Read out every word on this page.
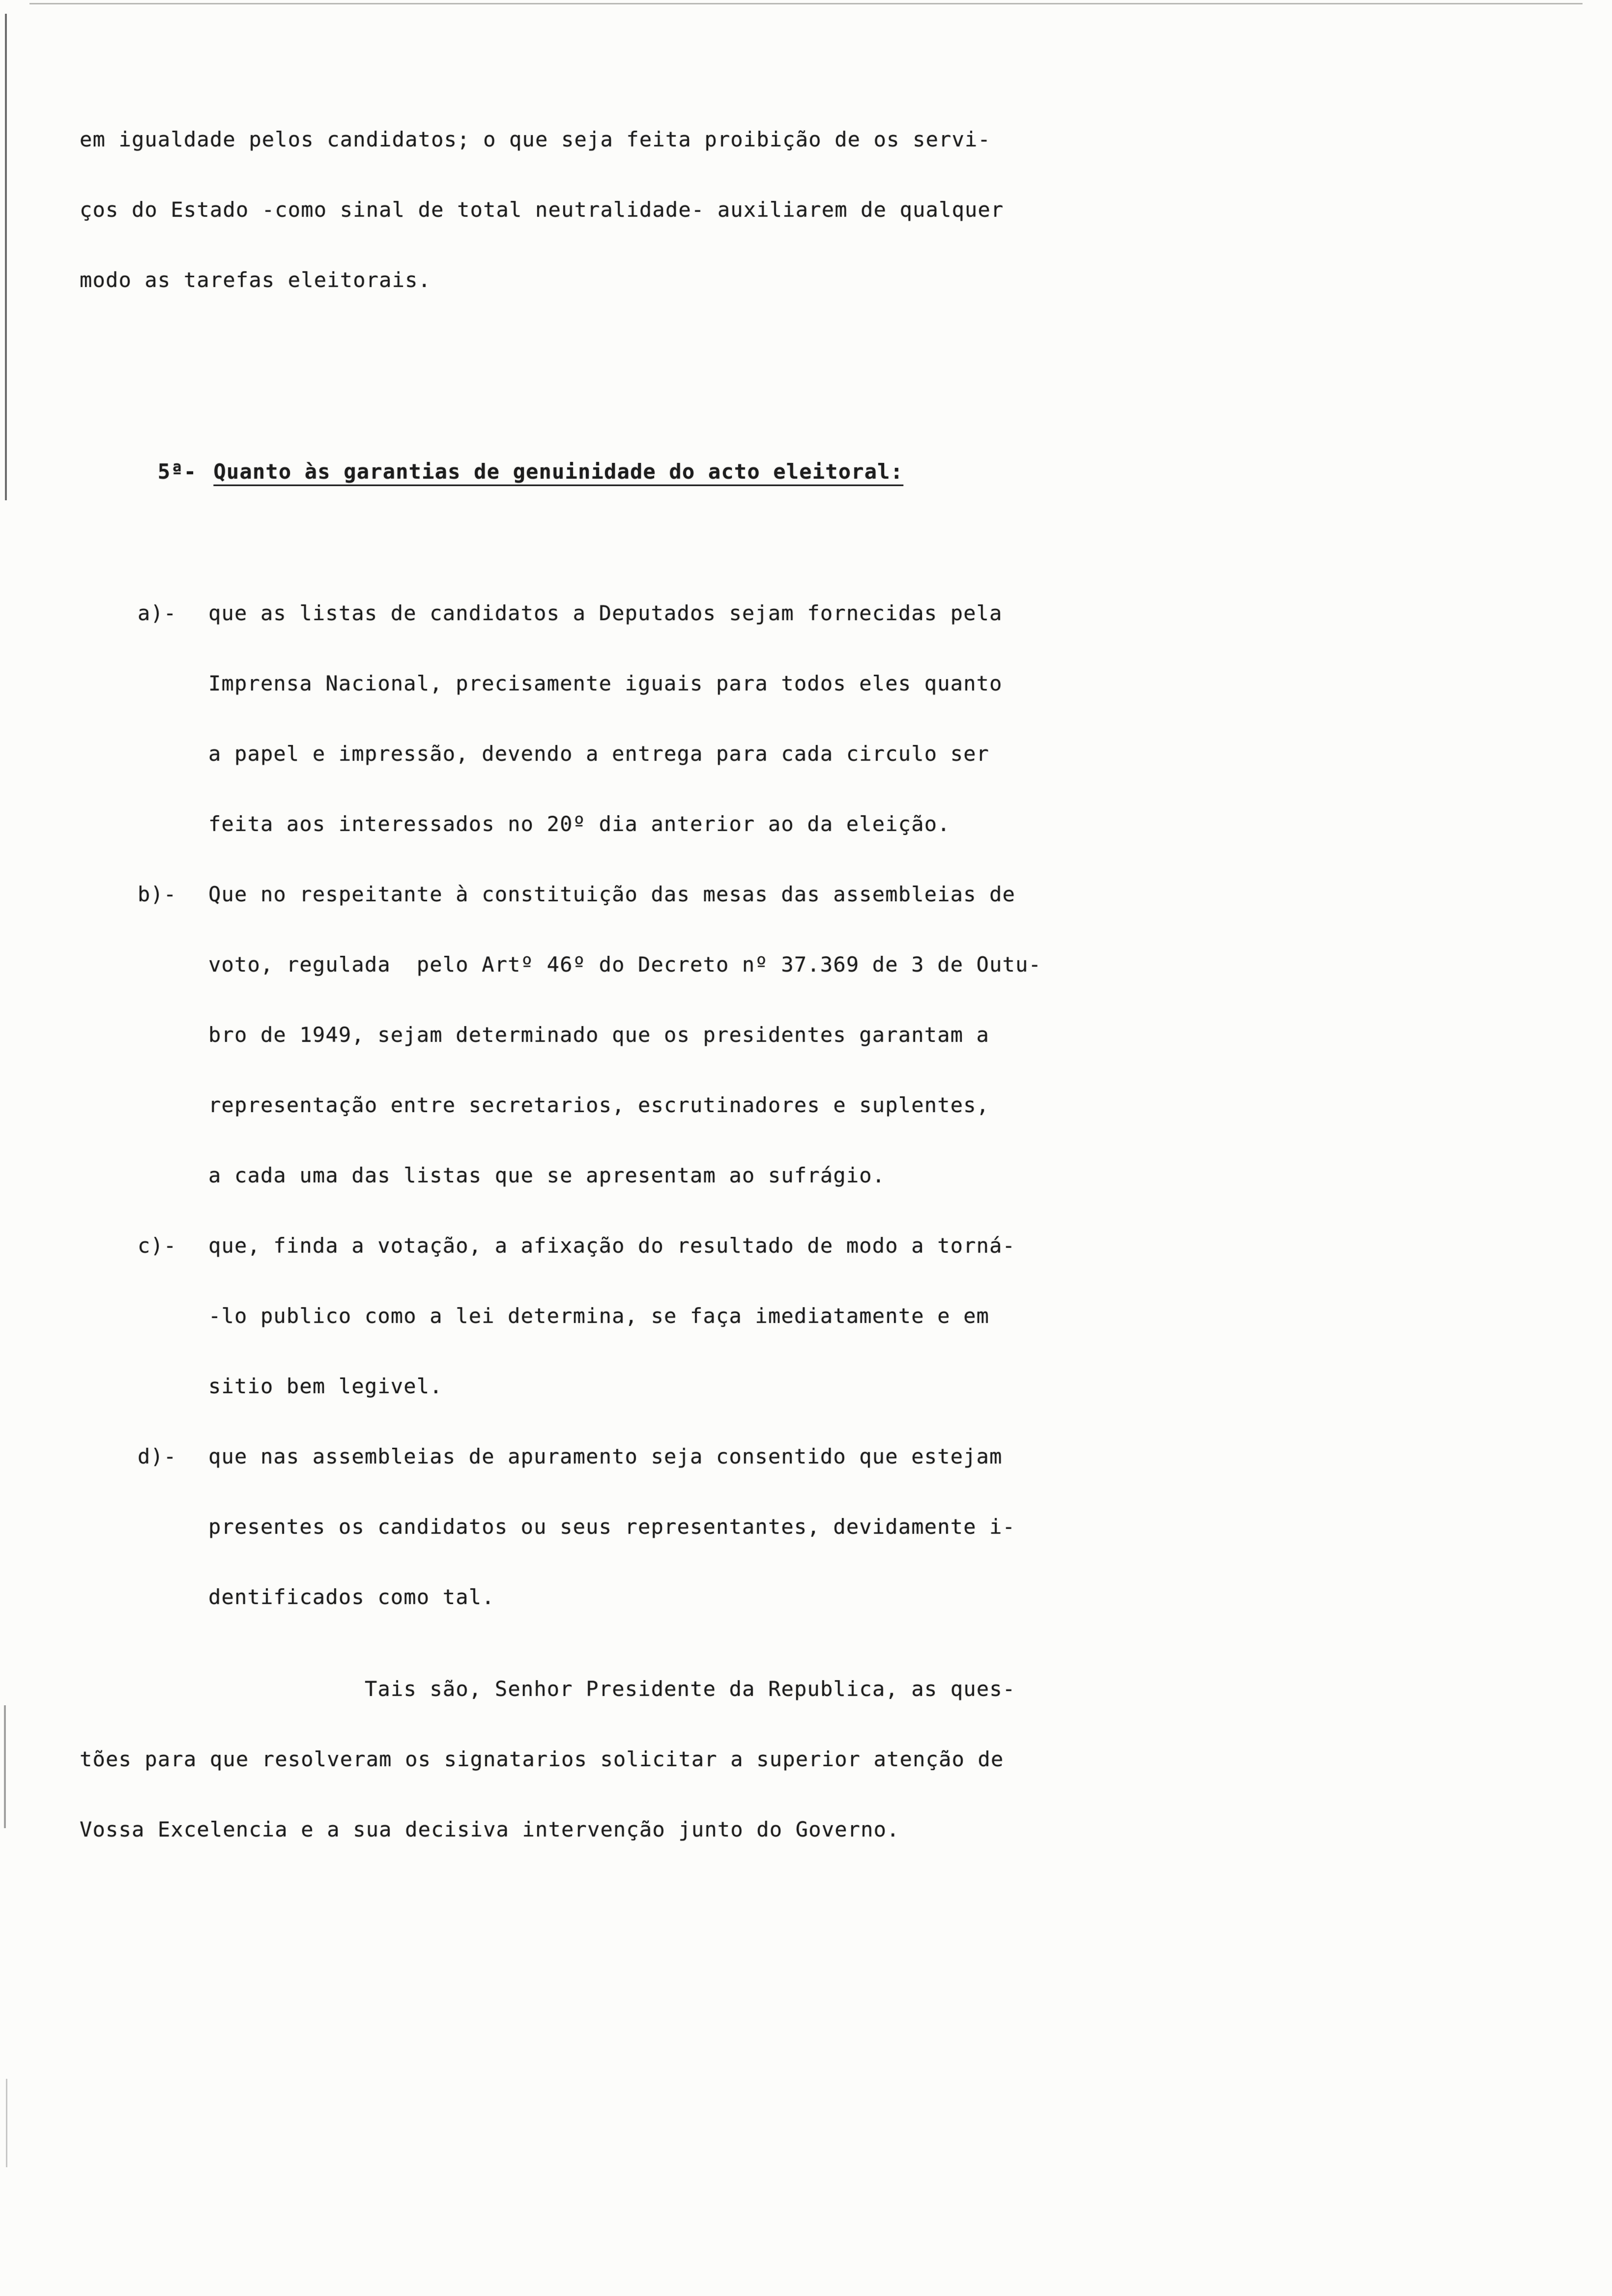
em igualdade pelos candidatos; o que seja feita proibição de os servi-
ços do Estado -como sinal de total neutralidade- auxiliarem de qualquer
modo as tarefas eleitorais.

5ª- Quanto às garantias de genuinidade do acto eleitoral:

a)- que as listas de candidatos a Deputados sejam fornecidas pela
Imprensa Nacional, precisamente iguais para todos eles quanto
a papel e impressão, devendo a entrega para cada circulo ser
feita aos interessados no 20º dia anterior ao da eleição.
b)- Que no respeitante à constituição das mesas das assembleias de
voto, regulada  pelo Artº 46º do Decreto nº 37.369 de 3 de Outu-
bro de 1949, sejam determinado que os presidentes garantam a
representação entre secretarios, escrutinadores e suplentes,
a cada uma das listas que se apresentam ao sufrágio.
c)- que, finda a votação, a afixação do resultado de modo a torná-
-lo publico como a lei determina, se faça imediatamente e em
sitio bem legivel.
d)- que nas assembleias de apuramento seja consentido que estejam
presentes os candidatos ou seus representantes, devidamente i-
dentificados como tal.
Tais são, Senhor Presidente da Republica, as ques-
tões para que resolveram os signatarios solicitar a superior atenção de
Vossa Excelencia e a sua decisiva intervenção junto do Governo.
